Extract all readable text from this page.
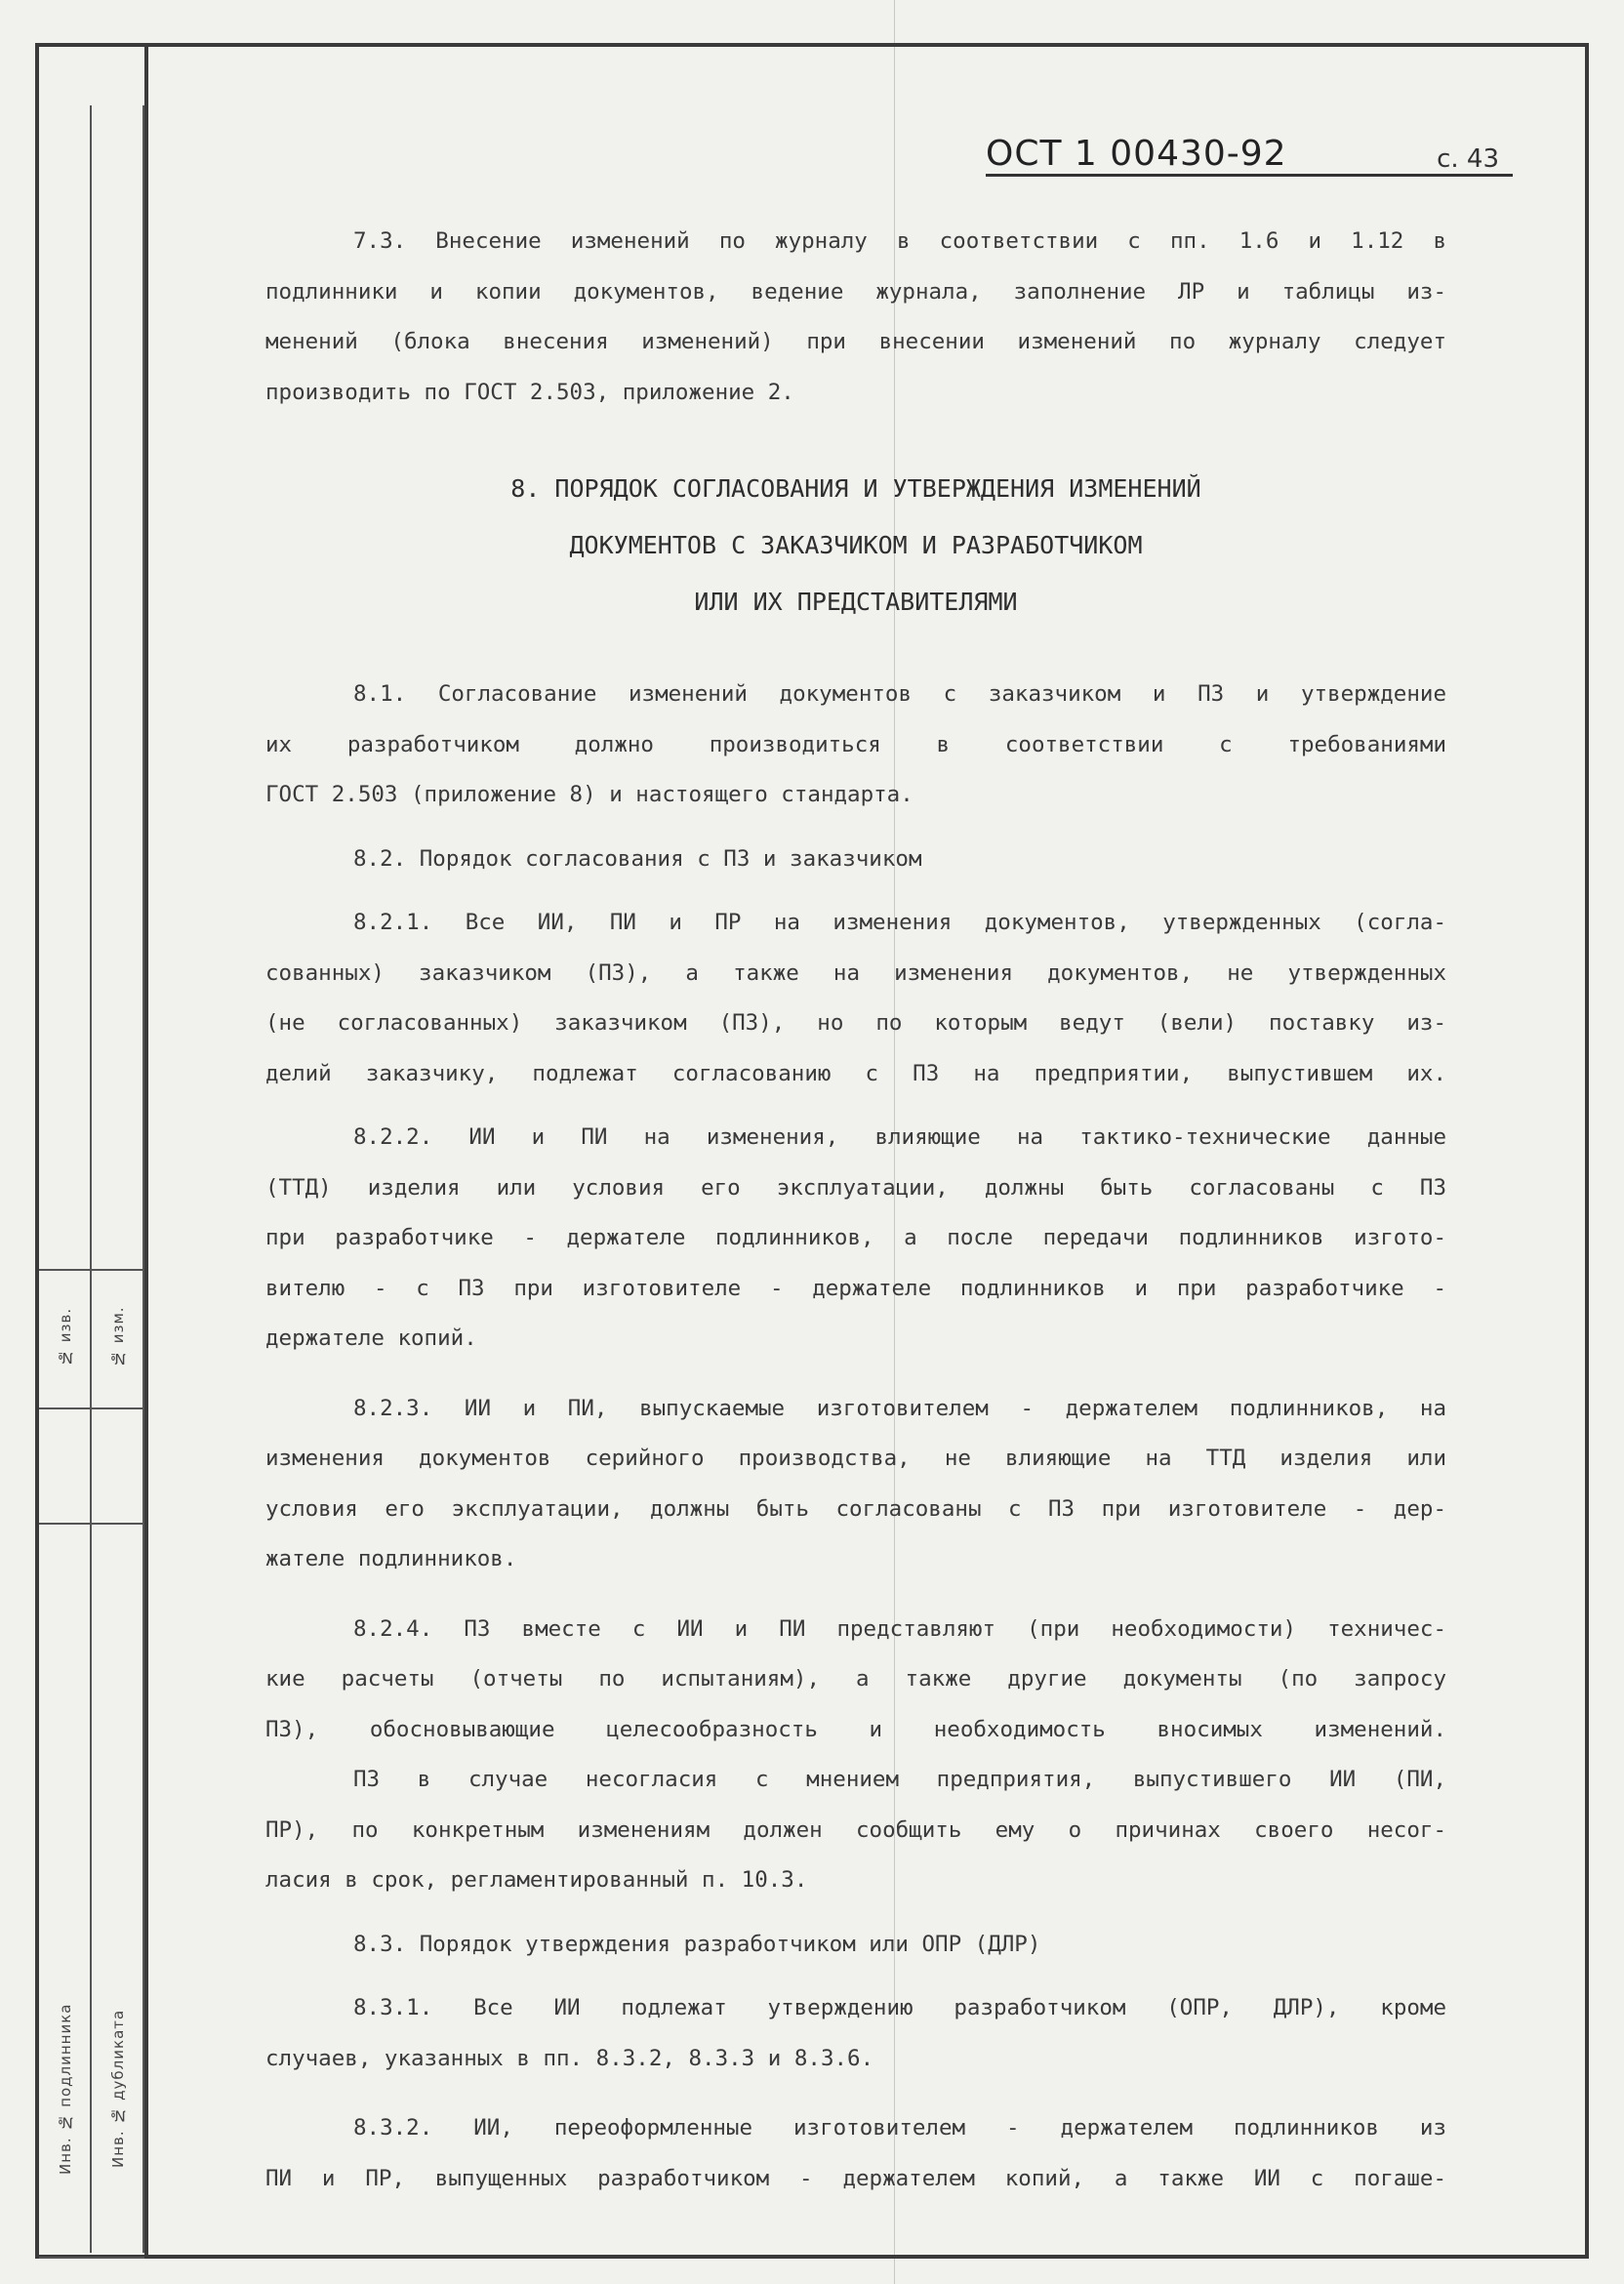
Инв. № подлинника	Инв. № дубликата
№ изв.	№ изм.
ОСТ 1 00430-92	с. 43

7.3. Внесение изменений по журналу в соответствии с пп. 1.6 и 1.12 в
подлинники и копии документов, ведение журнала, заполнение ЛР и таблицы из-
менений (блока внесения изменений) при внесении изменений по журналу следует
производить по ГОСТ 2.503, приложение 2.

8. ПОРЯДОК СОГЛАСОВАНИЯ И УТВЕРЖДЕНИЯ ИЗМЕНЕНИЙ

ДОКУМЕНТОВ С ЗАКАЗЧИКОМ И РАЗРАБОТЧИКОМ

ИЛИ ИХ ПРЕДСТАВИТЕЛЯМИ

8.1. Согласование изменений документов с заказчиком и ПЗ и утверждение
их разработчиком должно производиться в соответствии с требованиями
ГОСТ 2.503 (приложение 8) и настоящего стандарта.

8.2. Порядок согласования с ПЗ и заказчиком

8.2.1. Все ИИ, ПИ и ПР на изменения документов, утвержденных (согла-
сованных) заказчиком (ПЗ), а также на изменения документов, не утвержденных
(не согласованных) заказчиком (ПЗ), но по которым ведут (вели) поставку из-
делий заказчику, подлежат согласованию с ПЗ на предприятии, выпустившем их.

8.2.2. ИИ и ПИ на изменения, влияющие на тактико-технические данные
(ТТД) изделия или условия его эксплуатации, должны быть согласованы с ПЗ
при разработчике - держателе подлинников, а после передачи подлинников изгото-
вителю - с ПЗ при изготовителе - держателе подлинников и при разработчике -
держателе копий.

8.2.3. ИИ и ПИ, выпускаемые изготовителем - держателем подлинников, на
изменения документов серийного производства, не влияющие на ТТД изделия или
условия его эксплуатации, должны быть согласованы с ПЗ при изготовителе - дер-
жателе подлинников.

8.2.4. ПЗ вместе с ИИ и ПИ представляют (при необходимости) техничес-
кие расчеты (отчеты по испытаниям), а также другие документы (по запросу
ПЗ), обосновывающие целесообразность и необходимость вносимых изменений.
ПЗ в случае несогласия с мнением предприятия, выпустившего ИИ (ПИ,
ПР), по конкретным изменениям должен сообщить ему о причинах своего несог-
ласия в срок, регламентированный п. 10.3.

8.3. Порядок утверждения разработчиком или ОПР (ДЛР)

8.3.1. Все ИИ подлежат утверждению разработчиком (ОПР, ДЛР), кроме
случаев, указанных в пп. 8.3.2, 8.3.3 и 8.3.6.

8.3.2. ИИ, переоформленные изготовителем - держателем подлинников из
ПИ и ПР, выпущенных разработчиком - держателем копий, а также ИИ с погаше-
